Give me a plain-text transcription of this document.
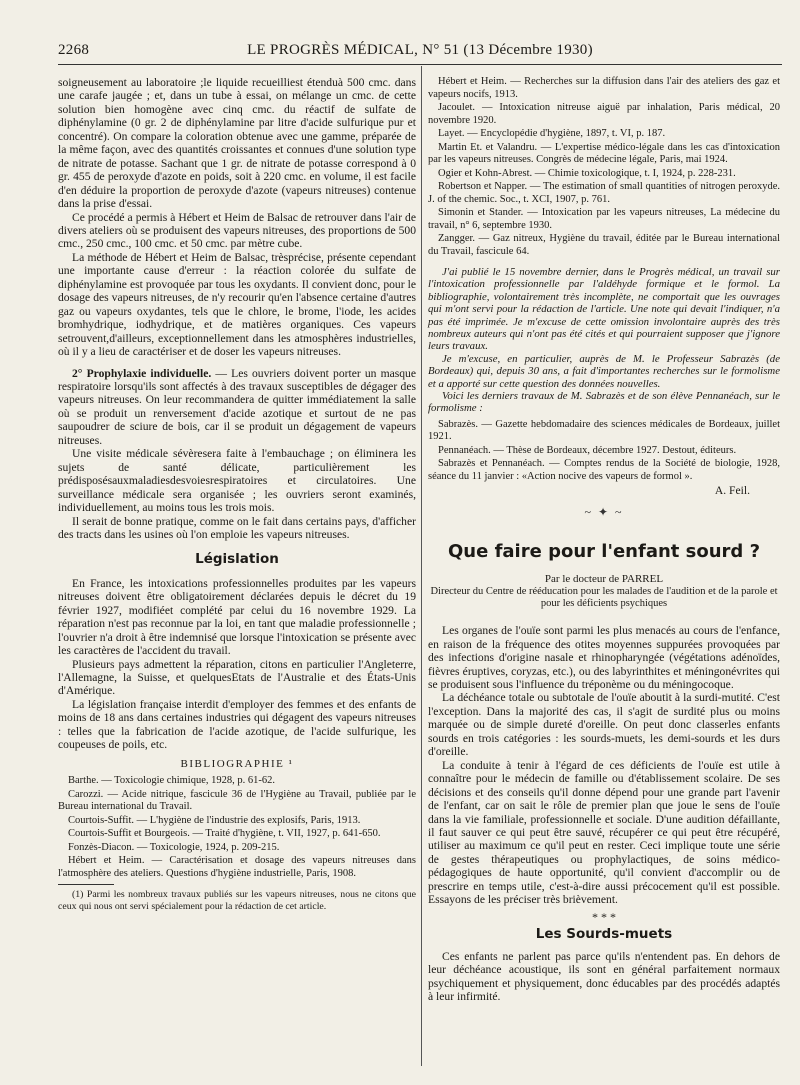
2268	LE PROGRÈS MÉDICAL, N° 51 (13 Décembre 1930)

soigneusement au laboratoire ;le liquide recueilliest étenduà 500 cmc. dans une carafe jaugée ; et, dans un tube à essai, on mélange un cmc. de cette solution bien homogène avec cinq cmc. du réactif de sulfate de diphénylamine (0 gr. 2 de diphénylamine par litre d'acide sulfurique pur et concentré). On compare la coloration obtenue avec une gamme, préparée de la même façon, avec des quantités croissantes et connues d'une solution type de nitrate de potasse. Sachant que 1 gr. de nitrate de potasse correspond à 0 gr. 455 de peroxyde d'azote en poids, soit à 220 cmc. en volume, il est facile d'en déduire la proportion de peroxyde d'azote (vapeurs nitreuses) contenue dans la prise d'essai.

Ce procédé a permis à Hébert et Heim de Balsac de retrouver dans l'air de divers ateliers où se produisent des vapeurs nitreuses, des proportions de 500 cmc., 250 cmc., 100 cmc. et 50 cmc. par mètre cube.

La méthode de Hébert et Heim de Balsac, trèsprécise, présente cependant une importante cause d'erreur : la réaction colorée du sulfate de diphénylamine est provoquée par tous les oxydants. Il convient donc, pour le dosage des vapeurs nitreuses, de n'y recourir qu'en l'absence certaine d'autres gaz ou vapeurs oxydantes, tels que le chlore, le brome, l'iode, les acides bromhydrique, iodhydrique, et de matières organiques. Ces vapeurs setrouvent,d'ailleurs, exceptionnellement dans les atmosphères industrielles, où il y a lieu de caractériser et de doser les vapeurs nitreuses.

2° Prophylaxie individuelle. — Les ouvriers doivent porter un masque respiratoire lorsqu'ils sont affectés à des travaux susceptibles de dégager des vapeurs nitreuses. On leur recommandera de quitter immédiatement la salle où se produit un renversement d'acide azotique et surtout de ne pas saupoudrer de sciure de bois, car il se produit un dégagement de vapeurs nitreuses.

Une visite médicale sévèresera faite à l'embauchage ; on éliminera les sujets de santé délicate, particulièrement les prédisposésauxmaladiesdesvoiesrespiratoires et circulatoires. Une surveillance médicale sera organisée ; les ouvriers seront examinés, individuellement, au moins tous les trois mois.

Il serait de bonne pratique, comme on le fait dans certains pays, d'afficher des tracts dans les usines où l'on emploie les vapeurs nitreuses.

Législation

En France, les intoxications professionnelles produites par les vapeurs nitreuses doivent être obligatoirement déclarées depuis le décret du 19 février 1927, modifiéet complété par celui du 16 novembre 1929. La réparation n'est pas reconnue par la loi, en tant que maladie professionnelle ; l'ouvrier n'a droit à être indemnisé que lorsque l'intoxication se présente avec les caractères de l'accident du travail.

Plusieurs pays admettent la réparation, citons en particulier l'Angleterre, l'Allemagne, la Suisse, et quelquesEtats de l'Australie et des États-Unis d'Amérique.

La législation française interdit d'employer des femmes et des enfants de moins de 18 ans dans certaines industries qui dégagent des vapeurs nitreuses : telles que la fabrication de l'acide azotique, de l'acide sulfurique, les coupeuses de poils, etc.

BIBLIOGRAPHIE ¹

Barthe. — Toxicologie chimique, 1928, p. 61-62.

Carozzi. — Acide nitrique, fascicule 36 de l'Hygiène au Travail, publiée par le Bureau international du Travail.

Courtois-Suffit. — L'hygiène de l'industrie des explosifs, Paris, 1913.

Courtois-Suffit et Bourgeois. — Traité d'hygiène, t. VII, 1927, p. 641-650.

Fonzès-Diacon. — Toxicologie, 1924, p. 209-215.

Hébert et Heim. — Caractérisation et dosage des vapeurs nitreuses dans l'atmosphère des ateliers. Questions d'hygiène industrielle, Paris, 1908.

(1) Parmi les nombreux travaux publiés sur les vapeurs nitreuses, nous ne citons que ceux qui nous ont servi spécialement pour la rédaction de cet article.

Hébert et Heim. — Recherches sur la diffusion dans l'air des ateliers des gaz et vapeurs nocifs, 1913.

Jacoulet. — Intoxication nitreuse aiguë par inhalation, Paris médical, 20 novembre 1920.

Layet. — Encyclopédie d'hygiène, 1897, t. VI, p. 187.

Martin Et. et Valandru. — L'expertise médico-légale dans les cas d'intoxication par les vapeurs nitreuses. Congrès de médecine légale, Paris, mai 1924.

Ogier et Kohn-Abrest. — Chimie toxicologique, t. I, 1924, p. 228-231.

Robertson et Napper. — The estimation of small quantities of nitrogen peroxyde. J. of the chemic. Soc., t. XCI, 1907, p. 761.

Simonin et Stander. — Intoxication par les vapeurs nitreuses, La médecine du travail, n° 6, septembre 1930.

Zangger. — Gaz nitreux, Hygiène du travail, éditée par le Bureau international du Travail, fascicule 64.

J'ai publié le 15 novembre dernier, dans le Progrès médical, un travail sur l'intoxication professionnelle par l'aldéhyde formique et le formol. La bibliographie, volontairement très incomplète, ne comportait que les ouvrages qui m'ont servi pour la rédaction de l'article. Une note qui devait l'indiquer, n'a pas été imprimée. Je m'excuse de cette omission involontaire auprès des très nombreux auteurs qui n'ont pas été cités et qui pourraient supposer que j'ignore leurs travaux.

Je m'excuse, en particulier, auprès de M. le Professeur Sabrazès (de Bordeaux) qui, depuis 30 ans, a fait d'importantes recherches sur le formolisme et a apporté sur cette question des données nouvelles.

Voici les derniers travaux de M. Sabrazès et de son élève Pennanéach, sur le formolisme :

Sabrazès. — Gazette hebdomadaire des sciences médicales de Bordeaux, juillet 1921.

Pennanéach. — Thèse de Bordeaux, décembre 1927. Destout, éditeurs.

Sabrazès et Pennanéach. — Comptes rendus de la Société de biologie, 1928, séance du 11 janvier : «Action nocive des vapeurs de formol ».

A. Feil.
~ ✦ ~
Que faire pour l'enfant sourd ?
Par le docteur de PARREL
Directeur du Centre de rééducation pour les malades de l'audition et de la parole et pour les déficients psychiques

Les organes de l'ouïe sont parmi les plus menacés au cours de l'enfance, en raison de la fréquence des otites moyennes suppurées provoquées par des infections d'origine nasale et rhinopharyngée (végétations adénoïdes, fièvres éruptives, coryzas, etc.), ou des labyrinthites et méningonévrites qui se produisent sous l'influence du tréponème ou du méningocoque.

La déchéance totale ou subtotale de l'ouïe aboutit à la surdi-mutité. C'est l'exception. Dans la majorité des cas, il s'agit de surdité plus ou moins marquée ou de simple dureté d'oreille. On peut donc classerles enfants sourds en trois catégories : les sourds-muets, les demi-sourds et les durs d'oreille.

La conduite à tenir à l'égard de ces déficients de l'ouïe est utile à connaître pour le médecin de famille ou d'établissement scolaire. De ses décisions et des conseils qu'il donne dépend pour une grande part l'avenir de l'enfant, car on sait le rôle de premier plan que joue le sens de l'ouïe dans la vie familiale, professionnelle et sociale. D'une audition défaillante, il faut sauver ce qui peut être sauvé, récupérer ce qui peut être récupéré, utiliser au maximum ce qu'il peut en rester. Ceci implique toute une série de gestes thérapeutiques ou prophylactiques, de soins médico-pédagogiques de haute opportunité, qu'il convient d'accomplir ou de prescrire en temps utile, c'est-à-dire aussi précocement qu'il est possible. Essayons de les préciser très brièvement.

* * *
Les Sourds-muets

Ces enfants ne parlent pas parce qu'ils n'entendent pas. En dehors de leur déchéance acoustique, ils sont en général parfaitement normaux psychiquement et physiquement, donc éducables par des procédés adaptés à leur infirmité.
